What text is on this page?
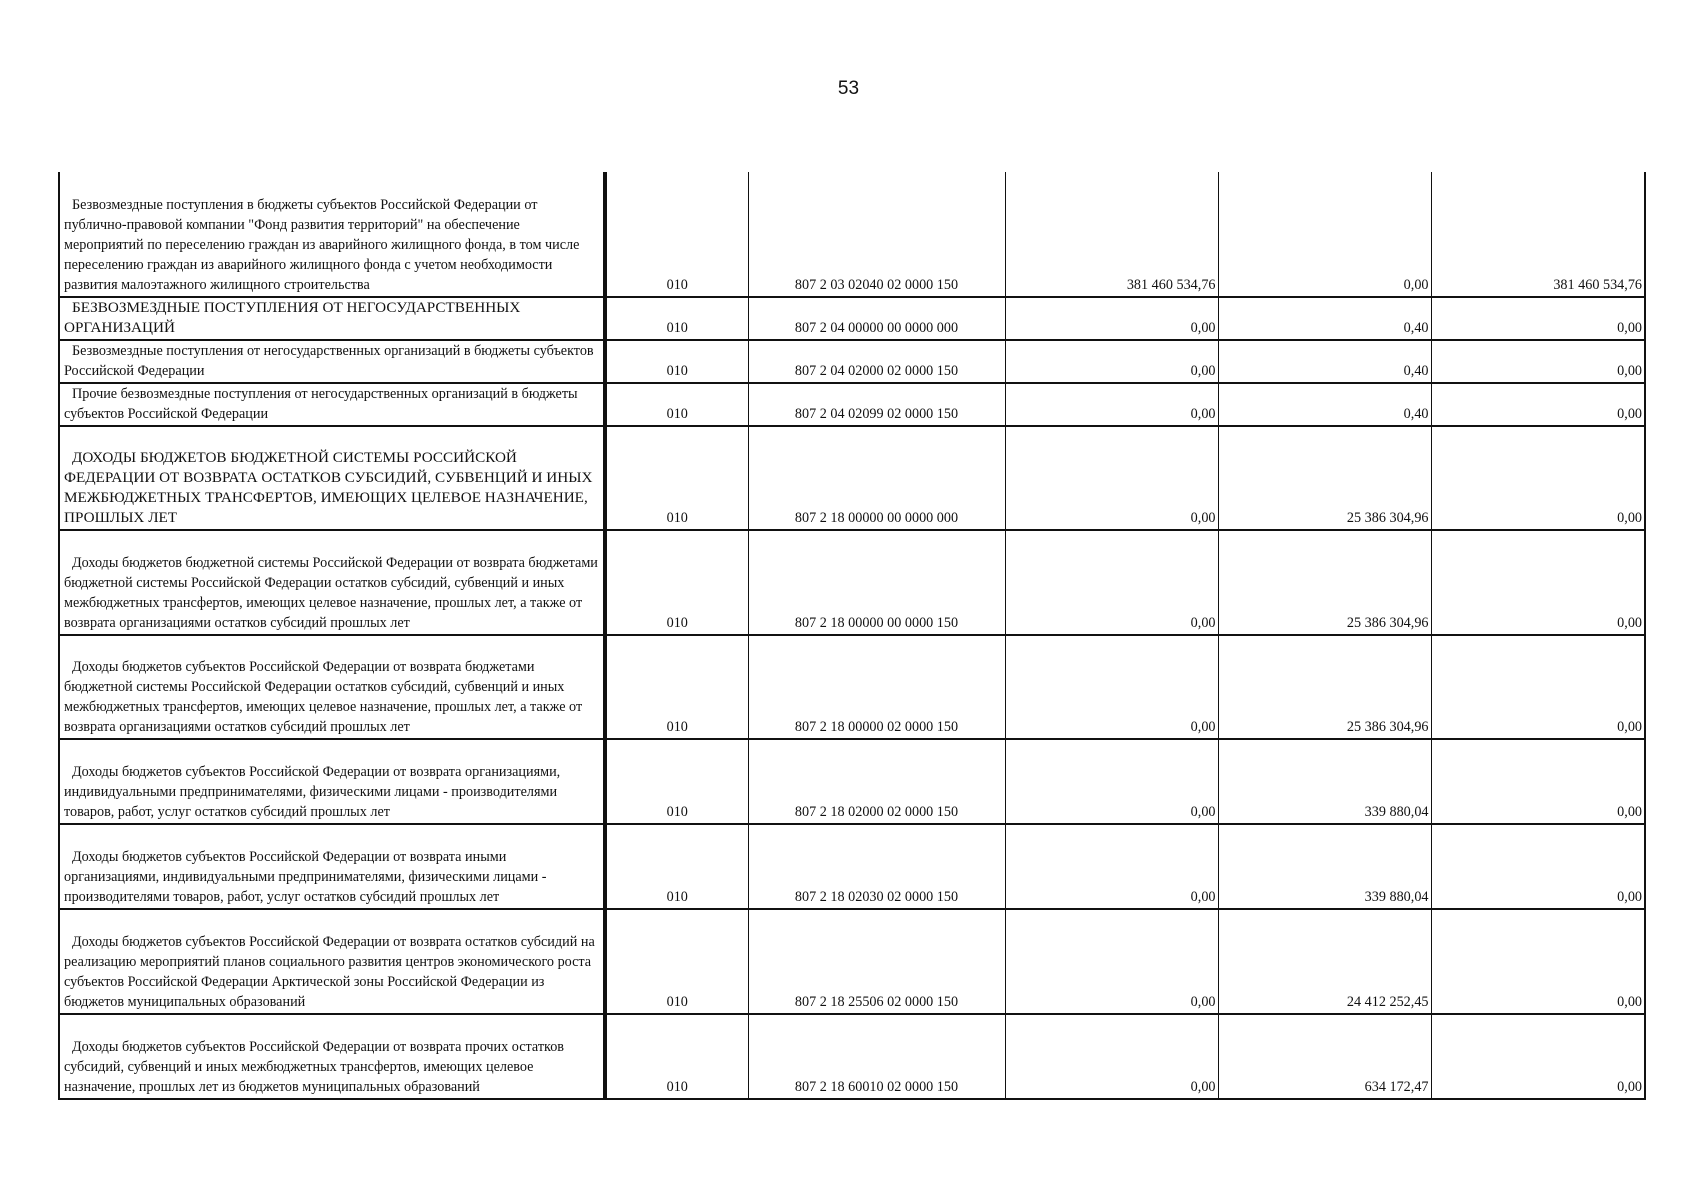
53
Безвозмездные поступления в бюджеты субъектов Российской Федерации от публично-правовой компании "Фонд развития территорий" на обеспечение мероприятий по переселению граждан из аварийного жилищного фонда, в том числе переселению граждан из аварийного жилищного фонда с учетом необходимости развития малоэтажного жилищного строительства	010	807 2 03 02040 02 0000 150	381 460 534,76	0,00	381 460 534,76

БЕЗВОЗМЕЗДНЫЕ ПОСТУПЛЕНИЯ ОТ НЕГОСУДАРСТВЕННЫХ ОРГАНИЗАЦИЙ	010	807 2 04 00000 00 0000 000	0,00	0,40	0,00

Безвозмездные поступления от негосударственных организаций в бюджеты субъектов Российской Федерации	010	807 2 04 02000 02 0000 150	0,00	0,40	0,00

Прочие безвозмездные поступления от негосударственных организаций в бюджеты субъектов Российской Федерации	010	807 2 04 02099 02 0000 150	0,00	0,40	0,00

ДОХОДЫ БЮДЖЕТОВ БЮДЖЕТНОЙ СИСТЕМЫ РОССИЙСКОЙ ФЕДЕРАЦИИ ОТ ВОЗВРАТА ОСТАТКОВ СУБСИДИЙ, СУБВЕНЦИЙ И ИНЫХ МЕЖБЮДЖЕТНЫХ ТРАНСФЕРТОВ, ИМЕЮЩИХ ЦЕЛЕВОЕ НАЗНАЧЕНИЕ, ПРОШЛЫХ ЛЕТ	010	807 2 18 00000 00 0000 000	0,00	25 386 304,96	0,00

Доходы бюджетов бюджетной системы Российской Федерации от возврата бюджетами бюджетной системы Российской Федерации остатков субсидий, субвенций и иных межбюджетных трансфертов, имеющих целевое назначение, прошлых лет, а также от возврата организациями остатков субсидий прошлых лет	010	807 2 18 00000 00 0000 150	0,00	25 386 304,96	0,00

Доходы бюджетов субъектов Российской Федерации от возврата бюджетами бюджетной системы Российской Федерации остатков субсидий, субвенций и иных межбюджетных трансфертов, имеющих целевое назначение, прошлых лет, а также от возврата организациями остатков субсидий прошлых лет	010	807 2 18 00000 02 0000 150	0,00	25 386 304,96	0,00

Доходы бюджетов субъектов Российской Федерации от возврата организациями, индивидуальными предпринимателями, физическими лицами - производителями товаров, работ, услуг остатков субсидий прошлых лет	010	807 2 18 02000 02 0000 150	0,00	339 880,04	0,00

Доходы бюджетов субъектов Российской Федерации от возврата иными организациями, индивидуальными предпринимателями, физическими лицами - производителями товаров, работ, услуг остатков субсидий прошлых лет	010	807 2 18 02030 02 0000 150	0,00	339 880,04	0,00

Доходы бюджетов субъектов Российской Федерации от возврата остатков субсидий на реализацию мероприятий планов социального развития центров экономического роста субъектов Российской Федерации Арктической зоны Российской Федерации из бюджетов муниципальных образований	010	807 2 18 25506 02 0000 150	0,00	24 412 252,45	0,00

Доходы бюджетов субъектов Российской Федерации от возврата прочих остатков субсидий, субвенций и иных межбюджетных трансфертов, имеющих целевое назначение, прошлых лет из бюджетов муниципальных образований	010	807 2 18 60010 02 0000 150	0,00	634 172,47	0,00
